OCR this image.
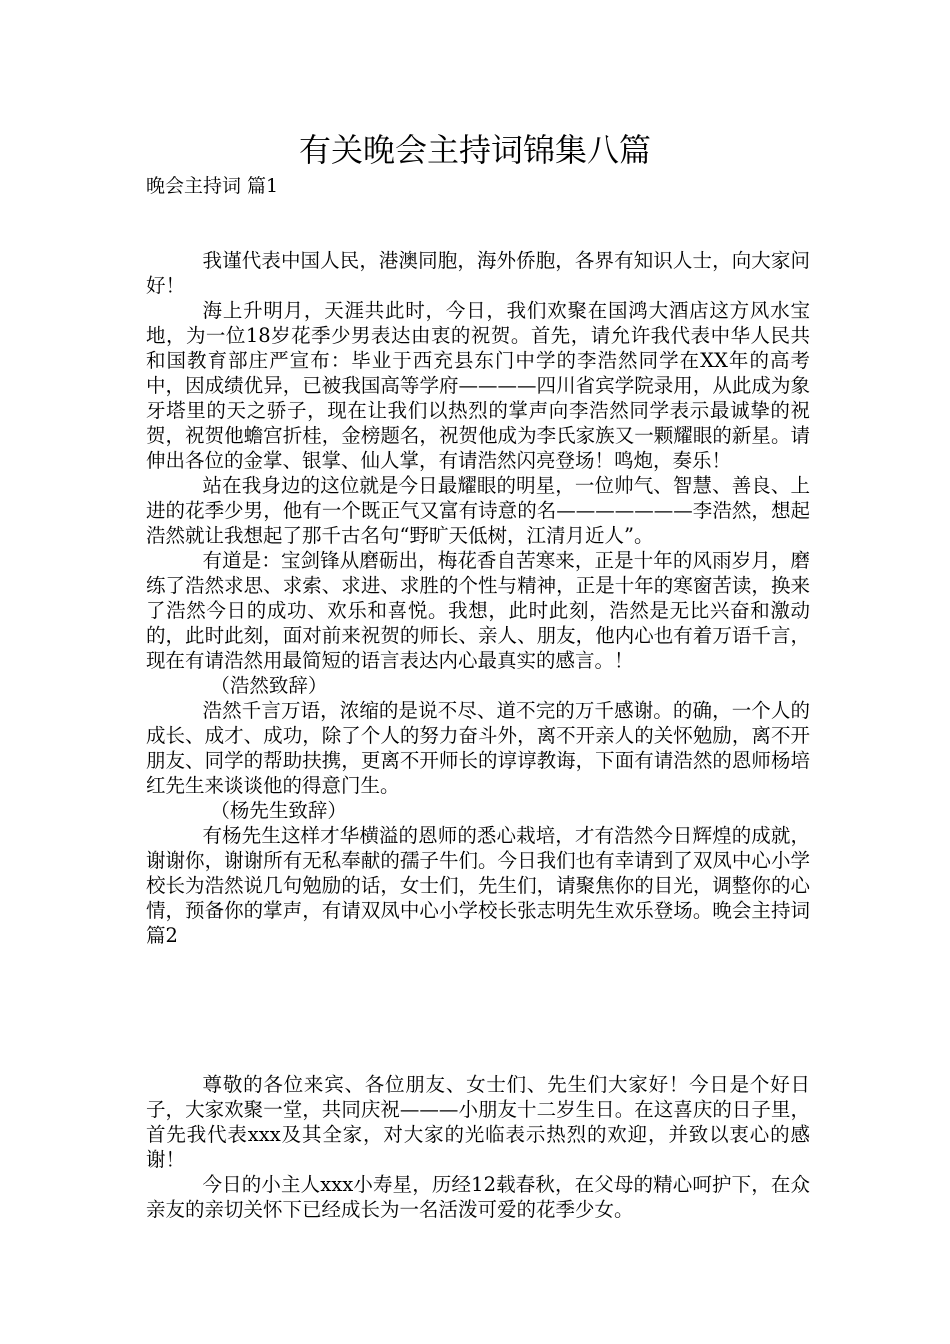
有关晚会主持词锦集八篇
晚会主持词 篇1

我谨代表中国人民，港澳同胞，海外侨胞，各界有知识人士，向大家问好！

海上升明月，天涯共此时，今日，我们欢聚在国鸿大酒店这方风水宝地，为一位18岁花季少男表达由衷的祝贺。首先，请允许我代表中华人民共和国教育部庄严宣布：毕业于西充县东门中学的李浩然同学在XX年的高考中，因成绩优异，已被我国高等学府————四川省宾学院录用，从此成为象牙塔里的天之骄子，现在让我们以热烈的掌声向李浩然同学表示最诚挚的祝贺，祝贺他蟾宫折桂，金榜题名，祝贺他成为李氏家族又一颗耀眼的新星。请伸出各位的金掌、银掌、仙人掌，有请浩然闪亮登场！鸣炮，奏乐！

站在我身边的这位就是今日最耀眼的明星，一位帅气、智慧、善良、上进的花季少男，他有一个既正气又富有诗意的名———————李浩然，想起浩然就让我想起了那千古名句“野旷天低树，江清月近人”。

有道是：宝剑锋从磨砺出，梅花香自苦寒来，正是十年的风雨岁月，磨练了浩然求思、求索、求进、求胜的个性与精神，正是十年的寒窗苦读，换来了浩然今日的成功、欢乐和喜悦。我想，此时此刻，浩然是无比兴奋和激动的，此时此刻，面对前来祝贺的师长、亲人、朋友，他内心也有着万语千言，现在有请浩然用最简短的语言表达内心最真实的感言。！

（浩然致辞）

浩然千言万语，浓缩的是说不尽、道不完的万千感谢。的确，一个人的成长、成才、成功，除了个人的努力奋斗外，离不开亲人的关怀勉励，离不开朋友、同学的帮助扶携，更离不开师长的谆谆教诲，下面有请浩然的恩师杨培红先生来谈谈他的得意门生。

（杨先生致辞）

有杨先生这样才华横溢的恩师的悉心栽培，才有浩然今日辉煌的成就，谢谢你，谢谢所有无私奉献的孺子牛们。今日我们也有幸请到了双凤中心小学校长为浩然说几句勉励的话，女士们，先生们，请聚焦你的目光，调整你的心情，预备你的掌声，有请双凤中心小学校长张志明先生欢乐登场。晚会主持词 篇2

尊敬的各位来宾、各位朋友、女士们、先生们大家好！今日是个好日子，大家欢聚一堂，共同庆祝———小朋友十二岁生日。在这喜庆的日子里，首先我代表xxx及其全家，对大家的光临表示热烈的欢迎，并致以衷心的感谢！

今日的小主人xxx小寿星，历经12载春秋，在父母的精心呵护下，在众亲友的亲切关怀下已经成长为一名活泼可爱的花季少女。
